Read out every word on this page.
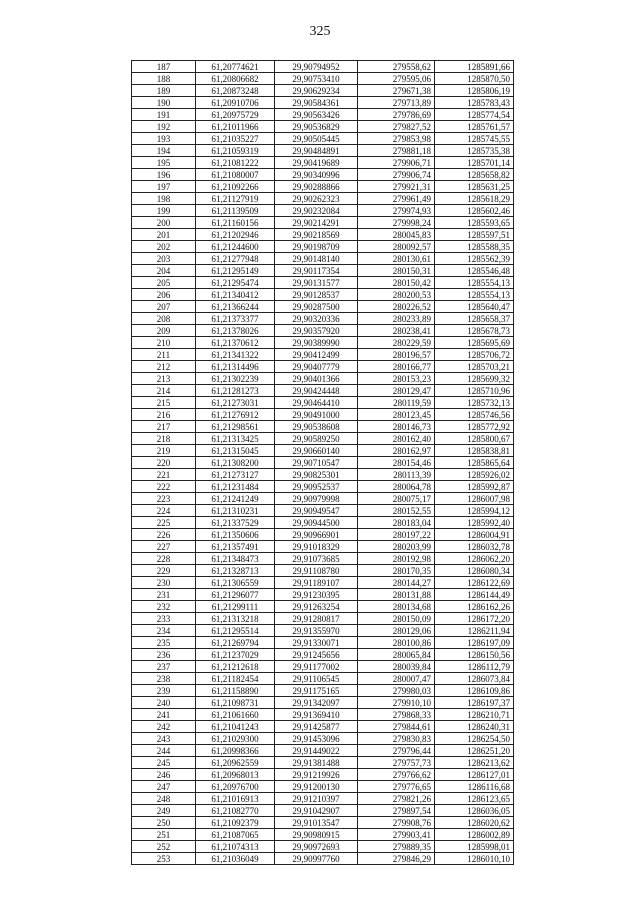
325
187	61,20774621	29,90794952	279558,62	1285891,66
188	61,20806682	29,90753410	279595,06	1285870,50
189	61,20873248	29,90629234	279671,38	1285806,19
190	61,20910706	29,90584361	279713,89	1285783,43
191	61,20975729	29,90563426	279786,69	1285774,54
192	61,21011966	29,90536829	279827,52	1285761,57
193	61,21035227	29,90505445	279853,98	1285745,55
194	61,21059319	29,90484891	279881,18	1285735,38
195	61,21081222	29,90419689	279906,71	1285701,14
196	61,21080007	29,90340996	279906,74	1285658,82
197	61,21092266	29,90288866	279921,31	1285631,25
198	61,21127919	29,90262323	279961,49	1285618,29
199	61,21139509	29,90232084	279974,93	1285602,46
200	61,21160156	29,90214291	279998,24	1285593,65
201	61,21202946	29,90218569	280045,83	1285597,51
202	61,21244600	29,90198709	280092,57	1285588,35
203	61,21277948	29,90148140	280130,61	1285562,39
204	61,21295149	29,90117354	280150,31	1285546,48
205	61,21295474	29,90131577	280150,42	1285554,13
206	61,21340412	29,90128537	280200,53	1285554,13
207	61,21366244	29,90287500	280226,52	1285640,47
208	61,21373377	29,90320336	280233,89	1285658,37
209	61,21378026	29,90357920	280238,41	1285678,73
210	61,21370612	29,90389990	280229,59	1285695,69
211	61,21341322	29,90412499	280196,57	1285706,72
212	61,21314496	29,90407779	280166,77	1285703,21
213	61,21302239	29,90401366	280153,23	1285699,32
214	61,21281273	29,90424448	280129,47	1285710,96
215	61,21273031	29,90464410	280119,59	1285732,13
216	61,21276912	29,90491000	280123,45	1285746,56
217	61,21298561	29,90538608	280146,73	1285772,92
218	61,21313425	29,90589250	280162,40	1285800,67
219	61,21315045	29,90660140	280162,97	1285838,81
220	61,21308200	29,90710547	280154,46	1285865,64
221	61,21273127	29,90825301	280113,39	1285926,02
222	61,21231484	29,90952537	280064,78	1285992,87
223	61,21241249	29,90979998	280075,17	1286007,98
224	61,21310231	29,90949547	280152,55	1285994,12
225	61,21337529	29,90944500	280183,04	1285992,40
226	61,21350606	29,90966901	280197,22	1286004,91
227	61,21357491	29,91018329	280203,99	1286032,78
228	61,21348473	29,91073685	280192,98	1286062,20
229	61,21328713	29,91108780	280170,35	1286080,34
230	61,21306559	29,91189107	280144,27	1286122,69
231	61,21296077	29,91230395	280131,88	1286144,49
232	61,21299111	29,91263254	280134,68	1286162,26
233	61,21313218	29,91280817	280150,09	1286172,20
234	61,21295514	29,91355970	280129,06	1286211,94
235	61,21269794	29,91330071	280100,86	1286197,09
236	61,21237029	29,91245656	280065,84	1286150,56
237	61,21212618	29,91177002	280039,84	1286112,79
238	61,21182454	29,91106545	280007,47	1286073,84
239	61,21158890	29,91175165	279980,03	1286109,86
240	61,21098731	29,91342097	279910,10	1286197,37
241	61,21061660	29,91369410	279868,33	1286210,71
242	61,21041243	29,91425877	279844,61	1286240,31
243	61,21029300	29,91453096	279830,83	1286254,50
244	61,20998366	29,91449022	279796,44	1286251,20
245	61,20962559	29,91381488	279757,73	1286213,62
246	61,20968013	29,91219926	279766,62	1286127,01
247	61,20976700	29,91200130	279776,65	1286116,68
248	61,21016913	29,91210397	279821,26	1286123,65
249	61,21082770	29,91042907	279897,54	1286036,05
250	61,21092379	29,91013547	279908,76	1286020,62
251	61,21087065	29,90980915	279903,41	1286002,89
252	61,21074313	29,90972693	279889,35	1285998,01
253	61,21036049	29,90997760	279846,29	1286010,10
